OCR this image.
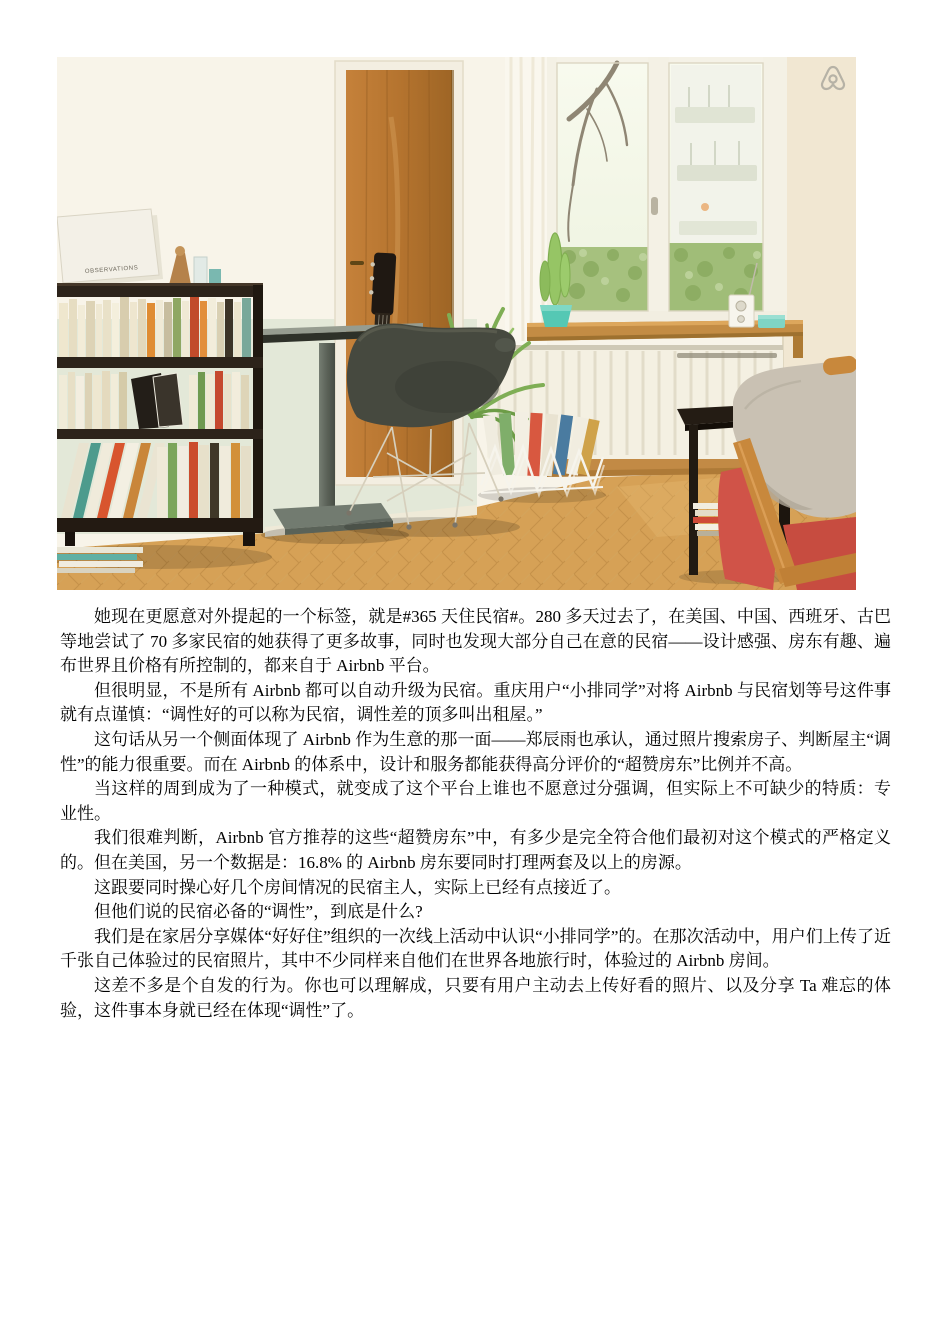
OBSERVATIONS

她现在更愿意对外提起的一个标签，就是#365 天住民宿#。280 多天过去了，在美国、中国、西班牙、古巴等地尝试了 70 多家民宿的她获得了更多故事，同时也发现大部分自己在意的民宿——设计感强、房东有趣、遍布世界且价格有所控制的，都来自于 Airbnb 平台。

但很明显，不是所有 Airbnb 都可以自动升级为民宿。重庆用户“小排同学”对将 Airbnb 与民宿划等号这件事就有点谨慎：“调性好的可以称为民宿，调性差的顶多叫出租屋。”

这句话从另一个侧面体现了 Airbnb 作为生意的那一面——郑辰雨也承认，通过照片搜索房子、判断屋主“调性”的能力很重要。而在 Airbnb 的体系中，设计和服务都能获得高分评价的“超赞房东”比例并不高。

当这样的周到成为了一种模式，就变成了这个平台上谁也不愿意过分强调，但实际上不可缺少的特质：专业性。

我们很难判断，Airbnb 官方推荐的这些“超赞房东”中，有多少是完全符合他们最初对这个模式的严格定义的。但在美国，另一个数据是：16.8% 的 Airbnb 房东要同时打理两套及以上的房源。

这跟要同时操心好几个房间情况的民宿主人，实际上已经有点接近了。

但他们说的民宿必备的“调性”，到底是什么?

我们是在家居分享媒体“好好住”组织的一次线上活动中认识“小排同学”的。在那次活动中，用户们上传了近千张自己体验过的民宿照片，其中不少同样来自他们在世界各地旅行时，体验过的 Airbnb 房间。

这差不多是个自发的行为。你也可以理解成，只要有用户主动去上传好看的照片、以及分享 Ta 难忘的体验，这件事本身就已经在体现“调性”了。
